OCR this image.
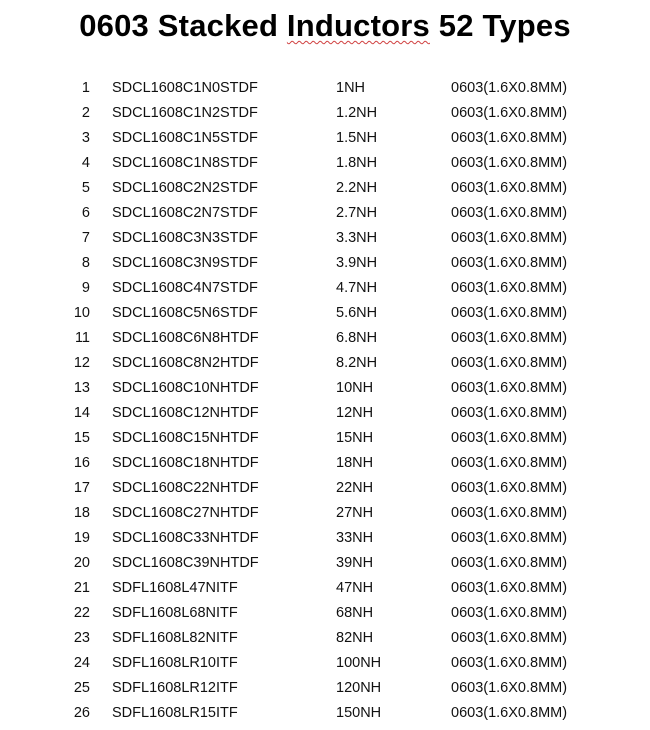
0603 Stacked Inductors 52 Types
1 SDCL1608C1N0STDF	1NH	0603(1.6X0.8MM)
2 SDCL1608C1N2STDF	1.2NH	0603(1.6X0.8MM)
3 SDCL1608C1N5STDF	1.5NH	0603(1.6X0.8MM)
4 SDCL1608C1N8STDF	1.8NH	0603(1.6X0.8MM)
5 SDCL1608C2N2STDF	2.2NH	0603(1.6X0.8MM)
6 SDCL1608C2N7STDF	2.7NH	0603(1.6X0.8MM)
7 SDCL1608C3N3STDF	3.3NH	0603(1.6X0.8MM)
8 SDCL1608C3N9STDF	3.9NH	0603(1.6X0.8MM)
9 SDCL1608C4N7STDF	4.7NH	0603(1.6X0.8MM)
10 SDCL1608C5N6STDF	5.6NH	0603(1.6X0.8MM)
11 SDCL1608C6N8HTDF	6.8NH	0603(1.6X0.8MM)
12 SDCL1608C8N2HTDF	8.2NH	0603(1.6X0.8MM)
13 SDCL1608C10NHTDF	10NH	0603(1.6X0.8MM)
14 SDCL1608C12NHTDF	12NH	0603(1.6X0.8MM)
15 SDCL1608C15NHTDF	15NH	0603(1.6X0.8MM)
16 SDCL1608C18NHTDF	18NH	0603(1.6X0.8MM)
17 SDCL1608C22NHTDF	22NH	0603(1.6X0.8MM)
18 SDCL1608C27NHTDF	27NH	0603(1.6X0.8MM)
19 SDCL1608C33NHTDF	33NH	0603(1.6X0.8MM)
20 SDCL1608C39NHTDF	39NH	0603(1.6X0.8MM)
21 SDFL1608L47NITF	47NH	0603(1.6X0.8MM)
22 SDFL1608L68NITF	68NH	0603(1.6X0.8MM)
23 SDFL1608L82NITF	82NH	0603(1.6X0.8MM)
24 SDFL1608LR10ITF	100NH	0603(1.6X0.8MM)
25 SDFL1608LR12ITF	120NH	0603(1.6X0.8MM)
26 SDFL1608LR15ITF	150NH	0603(1.6X0.8MM)
